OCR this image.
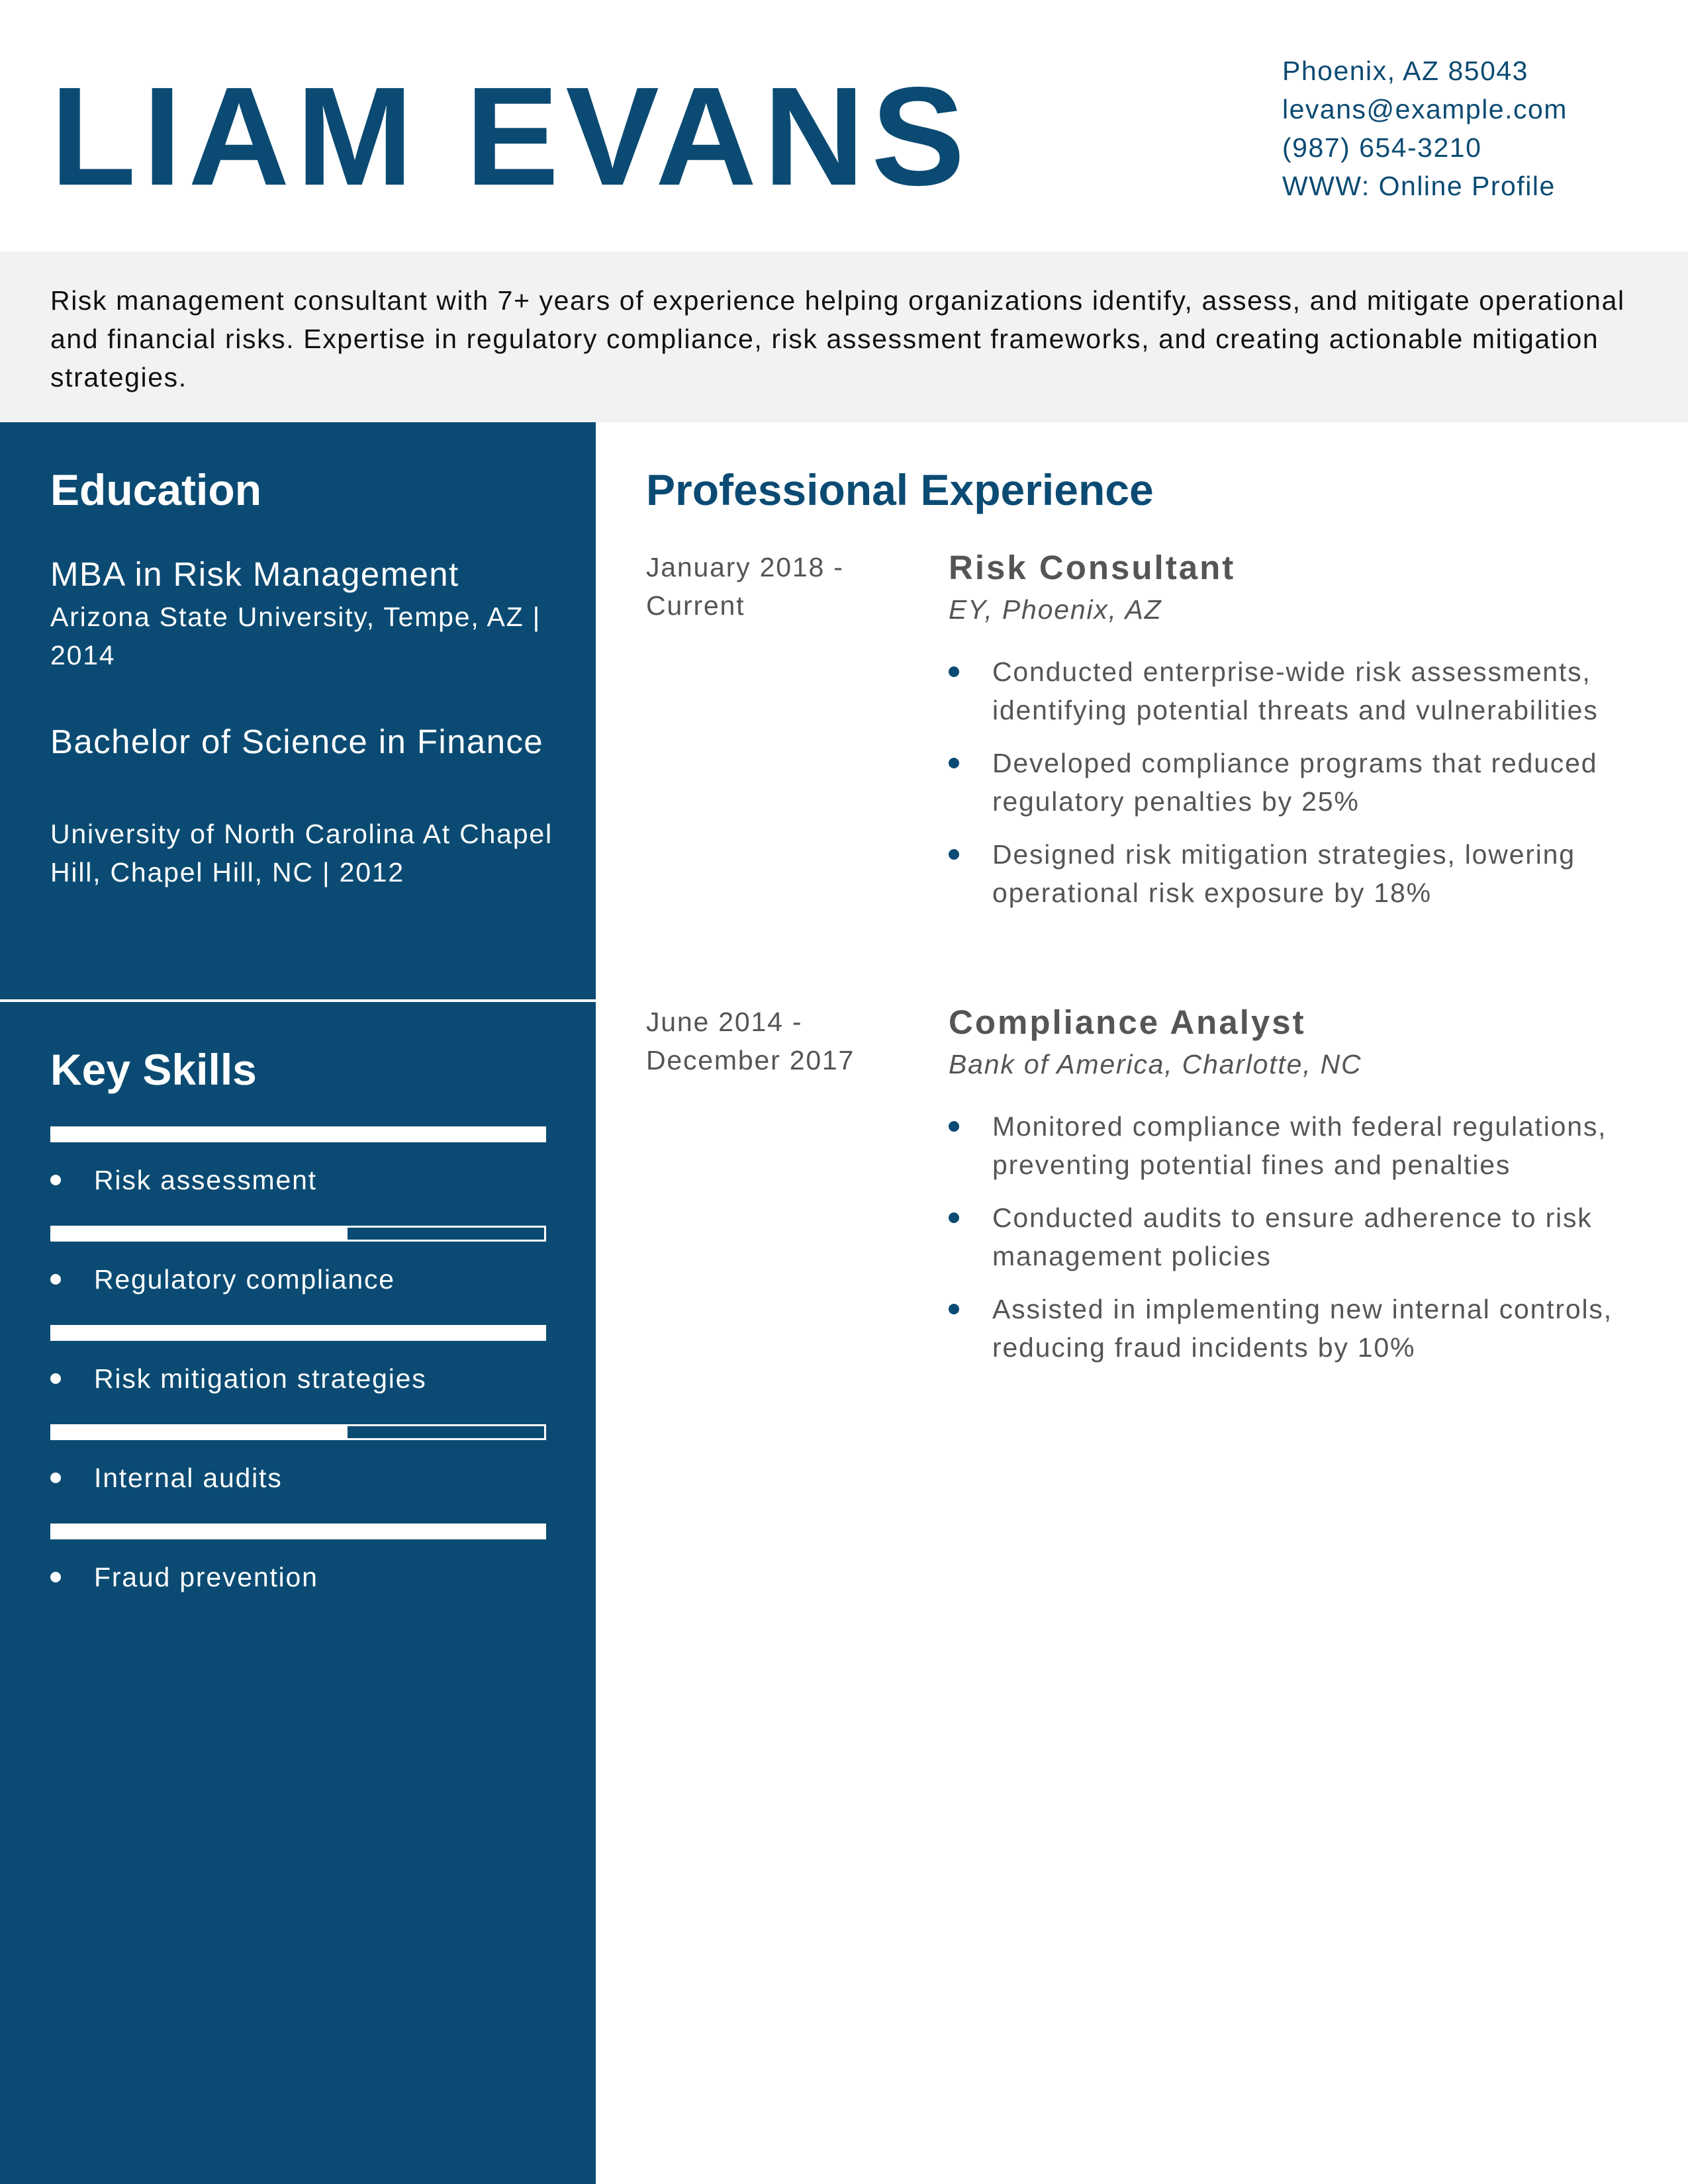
LIAM EVANS	Phoenix, AZ 85043
levans@example.com
(987) 654-3210
WWW: Online Profile

Risk management consultant with 7+ years of experience helping organizations identify, assess, and mitigate operational and financial risks. Expertise in regulatory compliance, risk assessment frameworks, and creating actionable mitigation strategies.

Education
MBA in Risk Management
Arizona State University, Tempe, AZ | 2014
Bachelor of Science in Finance
University of North Carolina At Chapel Hill, Chapel Hill, NC | 2012
Key Skills
Risk assessment
Regulatory compliance
Risk mitigation strategies
Internal audits
Fraud prevention
Professional Experience
January 2018 - Current
Risk Consultant
EY, Phoenix, AZ
Conducted enterprise-wide risk assessments, identifying potential threats and vulnerabilities
Developed compliance programs that reduced regulatory penalties by 25%
Designed risk mitigation strategies, lowering operational risk exposure by 18%
June 2014 - December 2017
Compliance Analyst
Bank of America, Charlotte, NC
Monitored compliance with federal regulations, preventing potential fines and penalties
Conducted audits to ensure adherence to risk management policies
Assisted in implementing new internal controls, reducing fraud incidents by 10%
